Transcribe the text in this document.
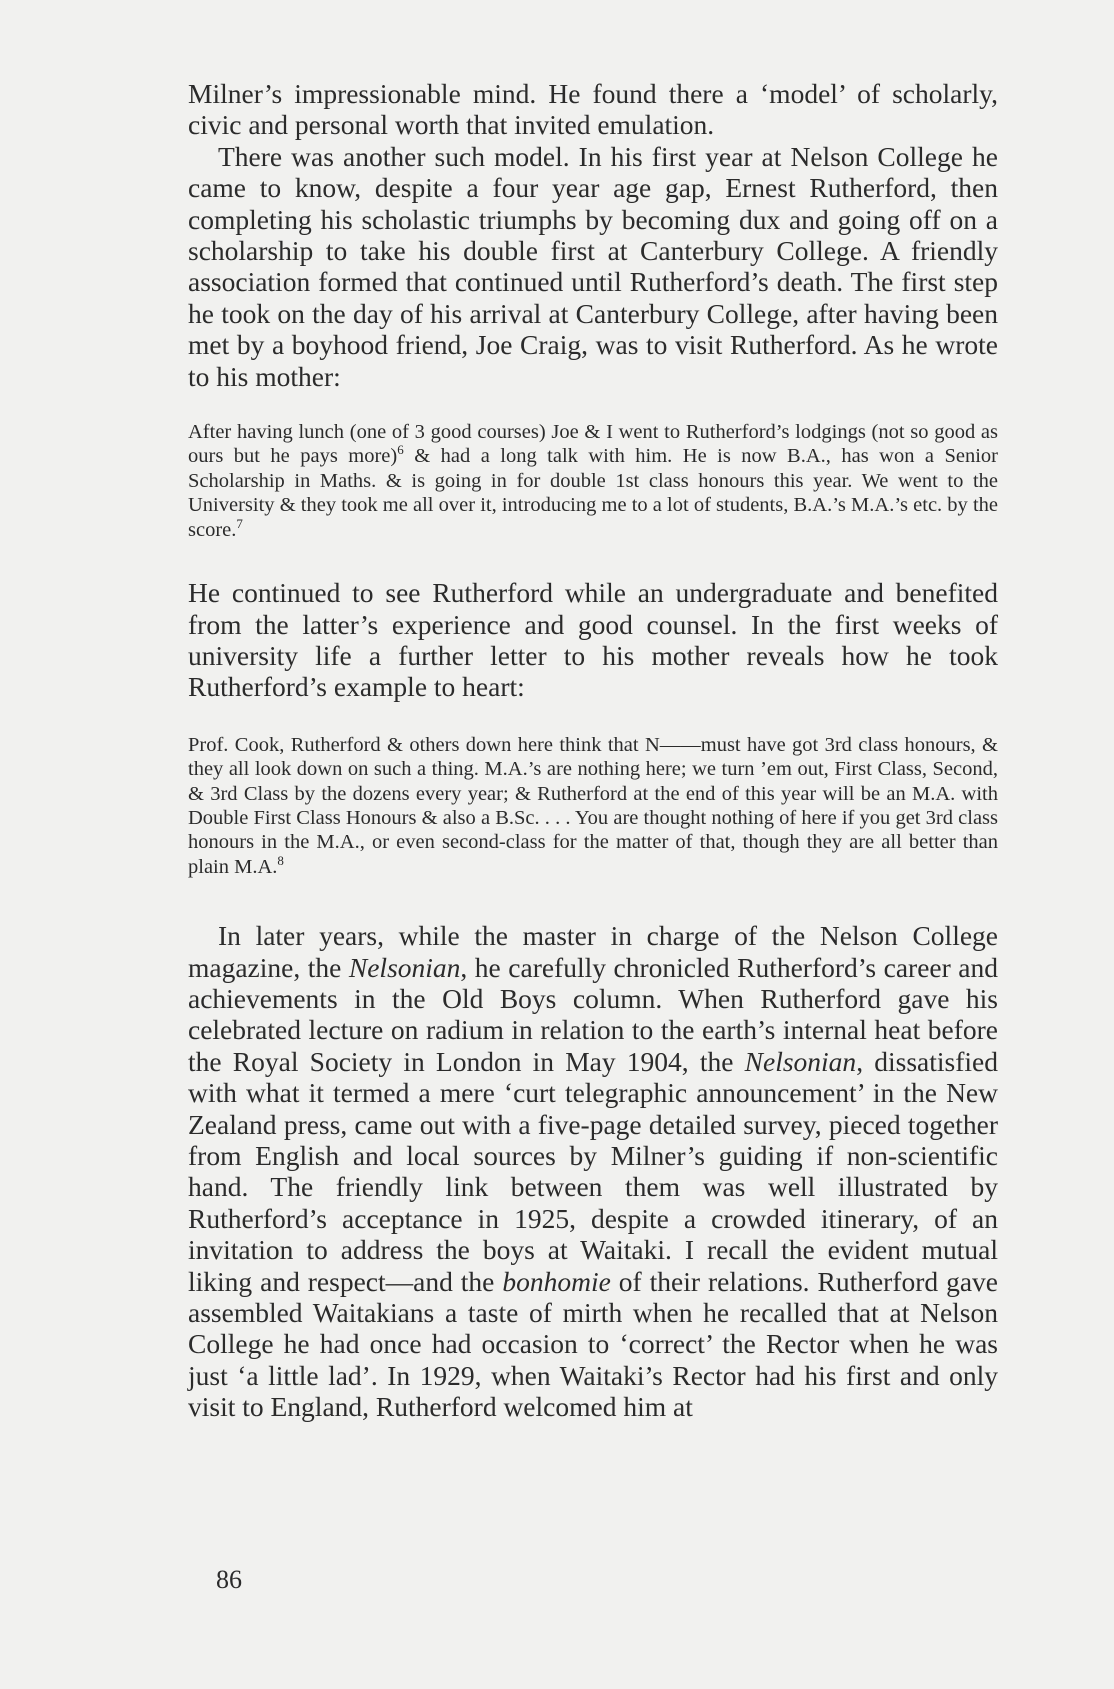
Milner’s impressionable mind. He found there a ‘model’ of scholarly, civic and personal worth that invited emulation.

There was another such model. In his first year at Nelson College he came to know, despite a four year age gap, Ernest Rutherford, then completing his scholastic triumphs by becoming dux and going off on a scholarship to take his double first at Canterbury College. A friendly association formed that continued until Rutherford’s death. The first step he took on the day of his arrival at Canterbury College, after having been met by a boyhood friend, Joe Craig, was to visit Rutherford. As he wrote to his mother:

After having lunch (one of 3 good courses) Joe & I went to Rutherford’s lodgings (not so good as ours but he pays more)$^6$ & had a long talk with him. He is now B.A., has won a Senior Scholarship in Maths. & is going in for double 1st class honours this year. We went to the University & they took me all over it, introducing me to a lot of students, B.A.’s M.A.’s etc. by the score.$^7$

He continued to see Rutherford while an undergraduate and benefited from the latter’s experience and good counsel. In the first weeks of university life a further letter to his mother reveals how he took Rutherford’s example to heart:

Prof. Cook, Rutherford & others down here think that N——must have got 3rd class honours, & they all look down on such a thing. M.A.’s are nothing here; we turn ’em out, First Class, Second, & 3rd Class by the dozens every year; & Rutherford at the end of this year will be an M.A. with Double First Class Honours & also a B.Sc. . . . You are thought nothing of here if you get 3rd class honours in the M.A., or even second-class for the matter of that, though they are all better than plain M.A.$^8$

In later years, while the master in charge of the Nelson College magazine, the Nelsonian, he carefully chronicled Rutherford’s career and achievements in the Old Boys column. When Rutherford gave his celebrated lecture on radium in relation to the earth’s internal heat before the Royal Society in London in May 1904, the Nelsonian, dissatisfied with what it termed a mere ‘curt telegraphic announcement’ in the New Zealand press, came out with a five-page detailed survey, pieced together from English and local sources by Milner’s guiding if non-scientific hand. The friendly link between them was well illustrated by Rutherford’s acceptance in 1925, despite a crowded itinerary, of an invitation to address the boys at Waitaki. I recall the evident mutual liking and respect—and the bonhomie of their relations. Rutherford gave assembled Waitakians a taste of mirth when he recalled that at Nelson College he had once had occasion to ‘correct’ the Rector when he was just ‘a little lad’. In 1929, when Waitaki’s Rector had his first and only visit to England, Rutherford welcomed him at

86
